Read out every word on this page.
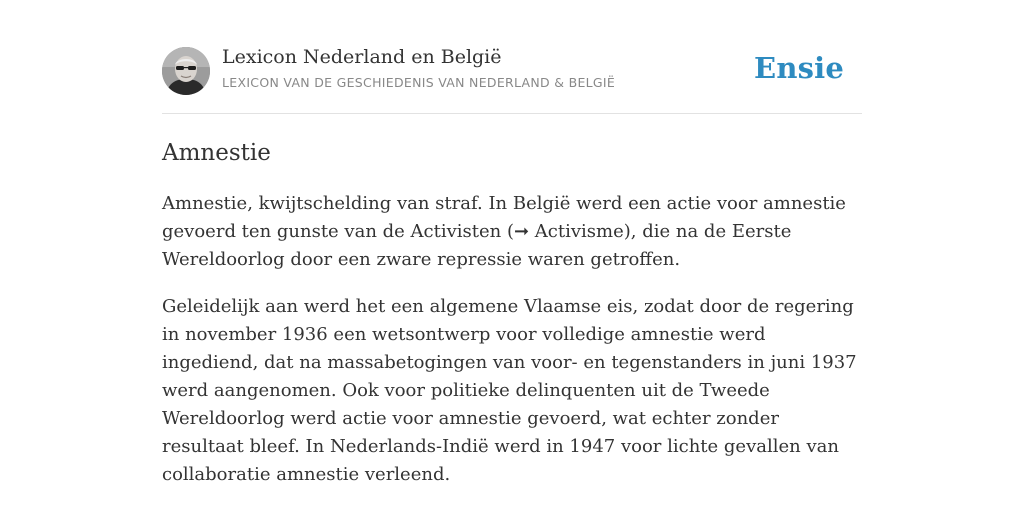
Lexicon Nederland en België
LEXICON VAN DE GESCHIEDENIS VAN NEDERLAND & BELGIË	Ensie
Amnestie

Amnestie, kwijtschelding van straf. In België werd een actie voor amnestie gevoerd ten gunste van de Activisten (➞ Activisme), die na de Eerste Wereldoorlog door een zware repressie waren getroffen.

Geleidelijk aan werd het een algemene Vlaamse eis, zodat door de regering in november 1936 een wetsontwerp voor volledige amnestie werd ingediend, dat na massabetogingen van voor- en tegenstanders in juni 1937 werd aangenomen. Ook voor politieke delinquenten uit de Tweede Wereldoorlog werd actie voor amnestie gevoerd, wat echter zonder resultaat bleef. In Nederlands-Indië werd in 1947 voor lichte gevallen van collaboratie amnestie verleend.
